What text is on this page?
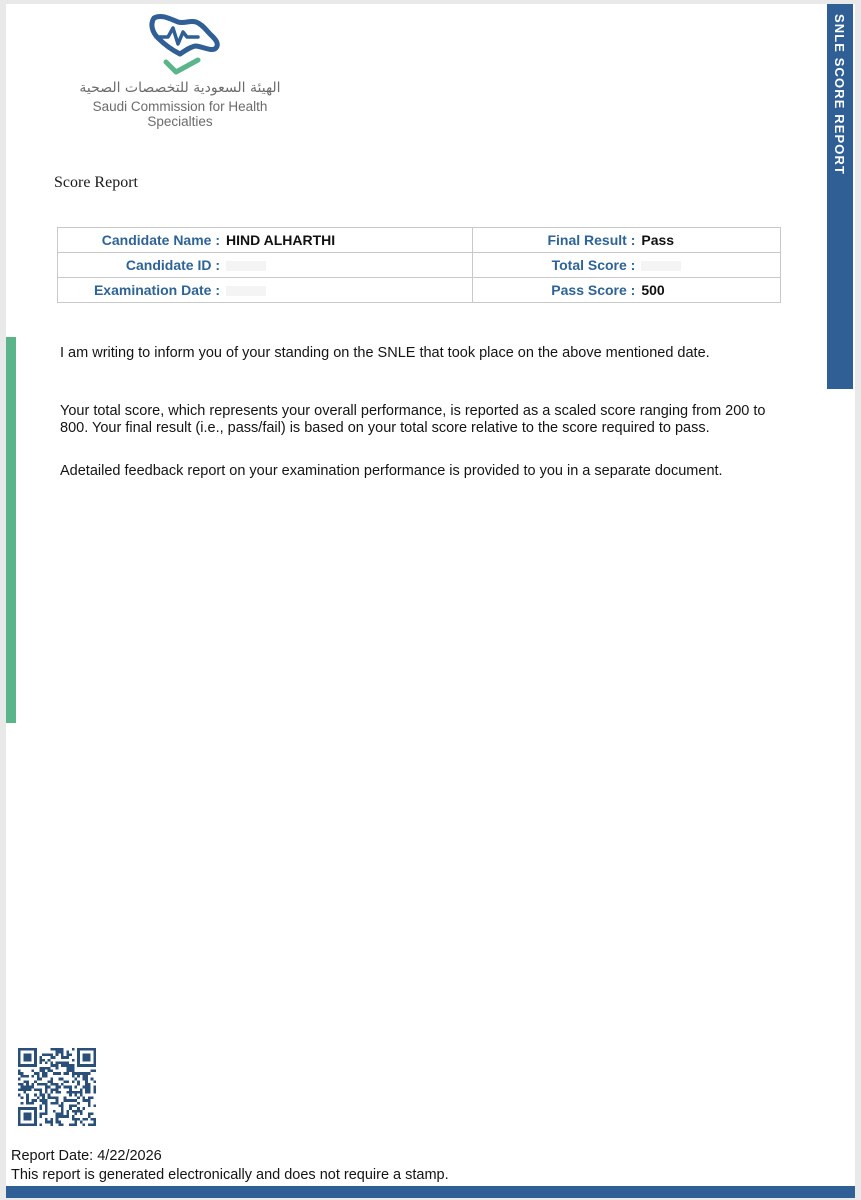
SNLE SCORE REPORT
الهيئة السعودية للتخصصات الصحية
Saudi Commission for Health Specialties
Score Report
Candidate Name : HIND ALHARTHI	Final Result : Pass
Candidate ID :	Total Score :
Examination Date :	Pass Score : 500
I am writing to inform you of your standing on the SNLE that took place on the above mentioned date.
Your total score, which represents your overall performance, is reported as a scaled score ranging from 200 to 800. Your final result (i.e., pass/fail) is based on your total score relative to the score required to pass.
Adetailed feedback report on your examination performance is provided to you in a separate document.
Report Date: 4/22/2026
This report is generated electronically and does not require a stamp.
